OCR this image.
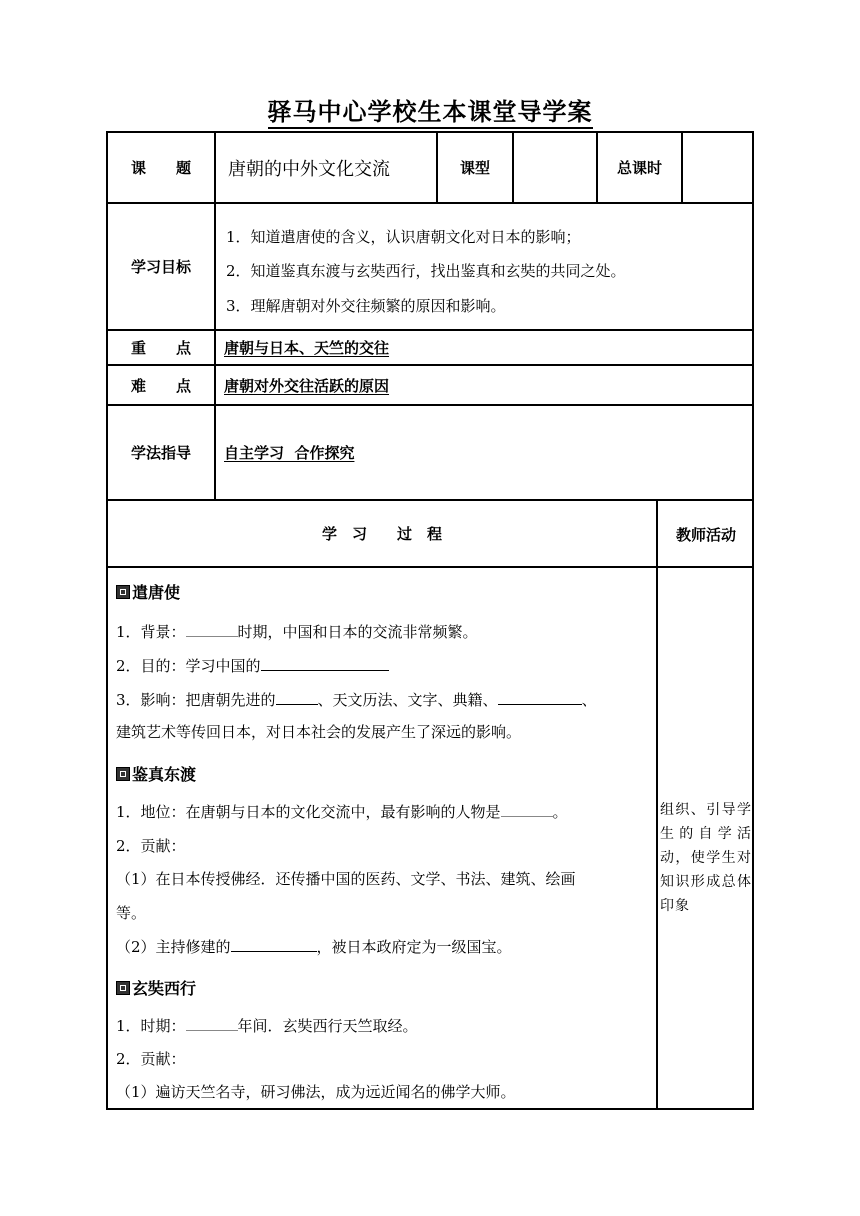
驿马中心学校生本课堂导学案
课　　题	唐朝的中外文化交流	课型	总课时
学习目标
1．知道遣唐使的含义，认识唐朝文化对日本的影响；
2．知道鉴真东渡与玄奘西行，找出鉴真和玄奘的共同之处。
3．理解唐朝对外交往频繁的原因和影响。
重　　点	唐朝与日本、天竺的交往
难　　点	唐朝对外交往活跃的原因
学法指导	自主学习  合作探究
学　习　　过　程	教师活动
遣唐使
1．背景：	时期，中国和日本的交流非常频繁。
2．目的：学习中国的
3．影响：把唐朝先进的	、天文历法、文字、典籍、	、
建筑艺术等传回日本，对日本社会的发展产生了深远的影响。
鉴真东渡
1．地位：在唐朝与日本的文化交流中，最有影响的人物是	。
2．贡献：
（1）在日本传授佛经．还传播中国的医药、文学、书法、建筑、绘画
等。
（2）主持修建的	，被日本政府定为一级国宝。
玄奘西行
1．时期：	年间．玄奘西行天竺取经。
2．贡献：
（1）遍访天竺名寺，研习佛法，成为远近闻名的佛学大师。
组织、引导学生的自学活动，使学生对知识形成总体印象
